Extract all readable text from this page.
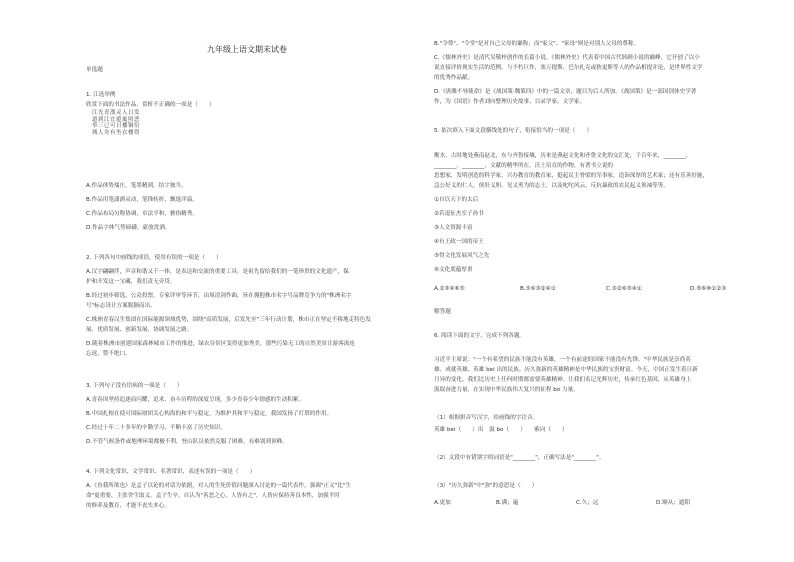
九年级上语文期末试卷
单选题
1. 江选举例
欣赏下面的书法作品，赏析不正确的一项是（　　）
江道举域
光到三人
青江已舟
漢宜可有
灵遊日坐
人寓播衣
日照铜楼
发恶衍得
A.作品体势端庄，笔墨精到，结字独当。
B.作品用笔潇洒灵动，笔锋转折，飘逸洋溢。
C.作品布局匀称协调，章法平和，雅俗精秀。
D.作品字体气势磅礴，豪放洗洒。
2. 下列各句中画线的成语，使用有误的一项是（　　）
A.汉字翩翩伴，声音和谐又千一体，是表达和交流的重要工具，是祖先留给我们的一笔珍贵的文化遗产，保
护和开发这一宝藏，我们责无旁贷。
B.经过初步筛选，公众投票，专家评审等环节，由周清剑作曲，旨在拥抱株市名字号品牌竞争力的"株洲名字
号"标志设计方案脱颖而出。
C.株洲青春汉生集团在国际能源领域优势，围绕"高质发展，后发先至"三年行动计划，株市正在坚定不移地走特色发
展、优质发展、创新发展、协调发展之路。
D.随着株洲市创建国家森林城市工作的推进，绿农谷景区变得更加秀美，那些污染无工的自然美景让游客流连
忘返，赞不绝口。
3. 下列句子没有语病的一项是（　　）
A.青春因坚持追逐而闪耀，追求、奋斗历程的深度呈现，多少青春少年情感的生动积累。
B.中国扎根在使可国际财团关心构海的和平与稳定，为维护其和平与稳定，我国发扬了灯塔的作用。
C.经过十年二十多年的辛勤学习，不断丰富了历史知识。
D.不管气候条件或地理环境都极不利，登山队员依然克服了困难，有难别到顶峰。
4. 下列文化常识、文学常识、名著常识，表述有误的一项是（　　）
A.《鱼我所欲也》是孟子以论的对话为依据，对人的生死价值问题深入讨论的一篇代表作，强调"正义"比"生
命"更重要，主张舍生取义。孟子生卒，自认为"善恶之心，人皆有之"，人皆应保持善良本性，加强平时
的修养及教育，才能不丧失本心。
B."令尊"、"令堂"是对自己父母的谦称；而"家父"、"家母"则是对别人父母的尊称。
C.《儒林外史》是清代吴敬梓创作的长篇小说，《儒林外史》代表着中国古代讽刺小说的巅峰，它开创了以小
说直接评价现实生活的范例。与不朽巨作，塞万提斯、巴尔扎克或狄更斯等人的作品相提并论，是世界性文学
的优秀作品献。
D.《唐雎不辱使命》是《战国策·魏策四》中的一篇文章，题目为后人所加。《战国策》是一部国别体史学著
作，为《国语》作者刘向整理历史故事、目录学家、文学家。
5. 依次填入下面文段横线处的句子，衔接恰当的一项是（　　）
衡水，古时地处燕南赵北，东与齐鲁接壤，历来是燕赵文化和齐鲁文化的交汇处，千百年来，________，
________。________，文献的精华所在，沃土培育的作物，有著书立说的
思想家，发明创造的科学家，兴办教育的教育家，挺起民主脊梁的军事家，造诣深厚的艺术家；还有乐善好施，
急公好义的仁人，侠肝义胆、见义勇为的志士，以及叱咤风云、反抗暴政的农民起义领袖等等。
①自以天下的太后
②若退征杰室子孙书
③人文资源丰富
④有王政一国的帝王
⑤得文化发展风气之先
⑥文化底蕴厚重
A.②③④⑥⑤	B.⑤⑥③②④①	C.③②⑥⑤④①	D.⑤⑥⑧①②③
解答题
6. 阅读下面的文字，完成下列各题。
习近平主席说："一个有希望的民族不能没有英雄，一个有前途的国家不能没有先锋。"中华民族是崇尚英
雄、成就英雄、英雄 bei 出的民族。历久弥新的英雄精神是中华民族的宝贵财富。今天，中国正发生着日新
月异的变化，我们比历史上任何时期都需要英雄精神。让我们名记光辉历史，传承红色基因，从英雄身上
汲取奋进力量，在实现中华民族伟大复兴的征程 bo 力量。
（1）根据拼音写汉字，给画线的字注音。
英雄 bei（　　）出　汲 bo（　　）　　萦向（　　）
（2）文段中有错别字的词语是"________"，正确写法是"________"。
（3）"历久弥新"中"弥"的意思是（　　）
A.更加	B.满；遍	C.久；远	D.顺从；遮阳
